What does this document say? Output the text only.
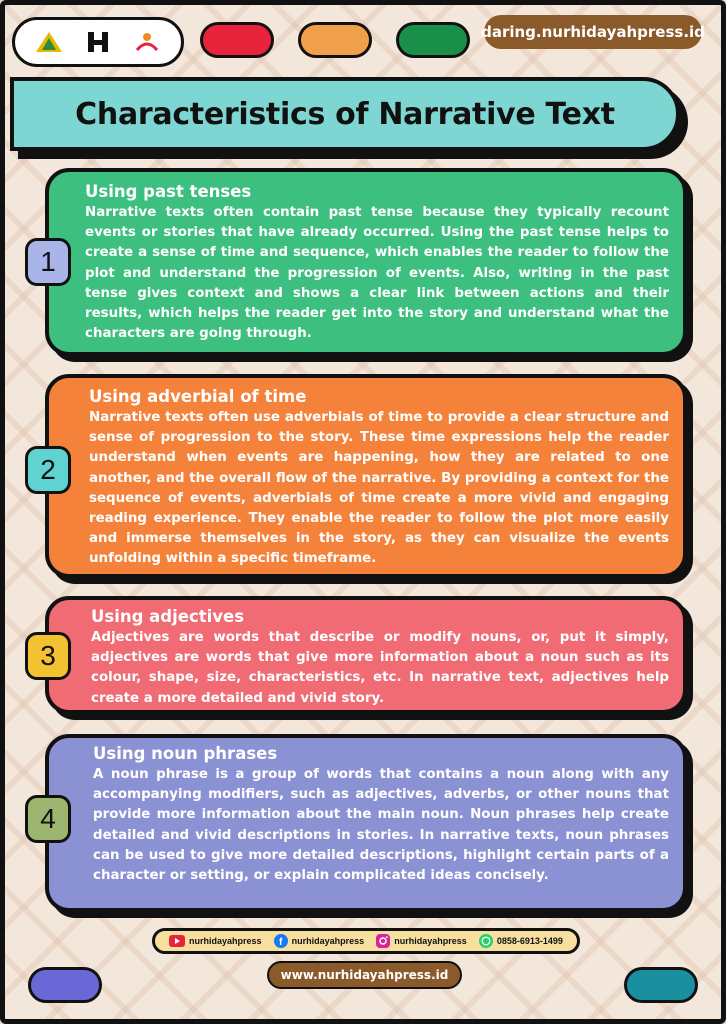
daring.nurhidayahpress.id
Characteristics of Narrative Text
Using past tenses

Narrative texts often contain past tense because they typically recount events or stories that have already occurred. Using the past tense helps to create a sense of time and sequence, which enables the reader to follow the plot and understand the progression of events. Also, writing in the past tense gives context and shows a clear link between actions and their results, which helps the reader get into the story and understand what the characters are going through.

1
Using adverbial of time

Narrative texts often use adverbials of time to provide a clear structure and sense of progression to the story. These time expressions help the reader understand when events are happening, how they are related to one another, and the overall flow of the narrative. By providing a context for the sequence of events, adverbials of time create a more vivid and engaging reading experience. They enable the reader to follow the plot more easily and immerse themselves in the story, as they can visualize the events unfolding within a specific timeframe.

2
Using adjectives

Adjectives are words that describe or modify nouns, or, put it simply, adjectives are words that give more information about a noun such as its colour, shape, size, characteristics, etc. In narrative text, adjectives help create a more detailed and vivid story.

3
Using noun phrases

A noun phrase is a group of words that contains a noun along with any accompanying modifiers, such as adjectives, adverbs, or other nouns that provide more information about the main noun. Noun phrases help create detailed and vivid descriptions in stories. In narrative texts, noun phrases can be used to give more detailed descriptions, highlight certain parts of a character or setting, or explain complicated ideas concisely.

4
nurhidayahpress f nurhidayahpress	nurhidayahpress	0858-6913-1499
www.nurhidayahpress.id
